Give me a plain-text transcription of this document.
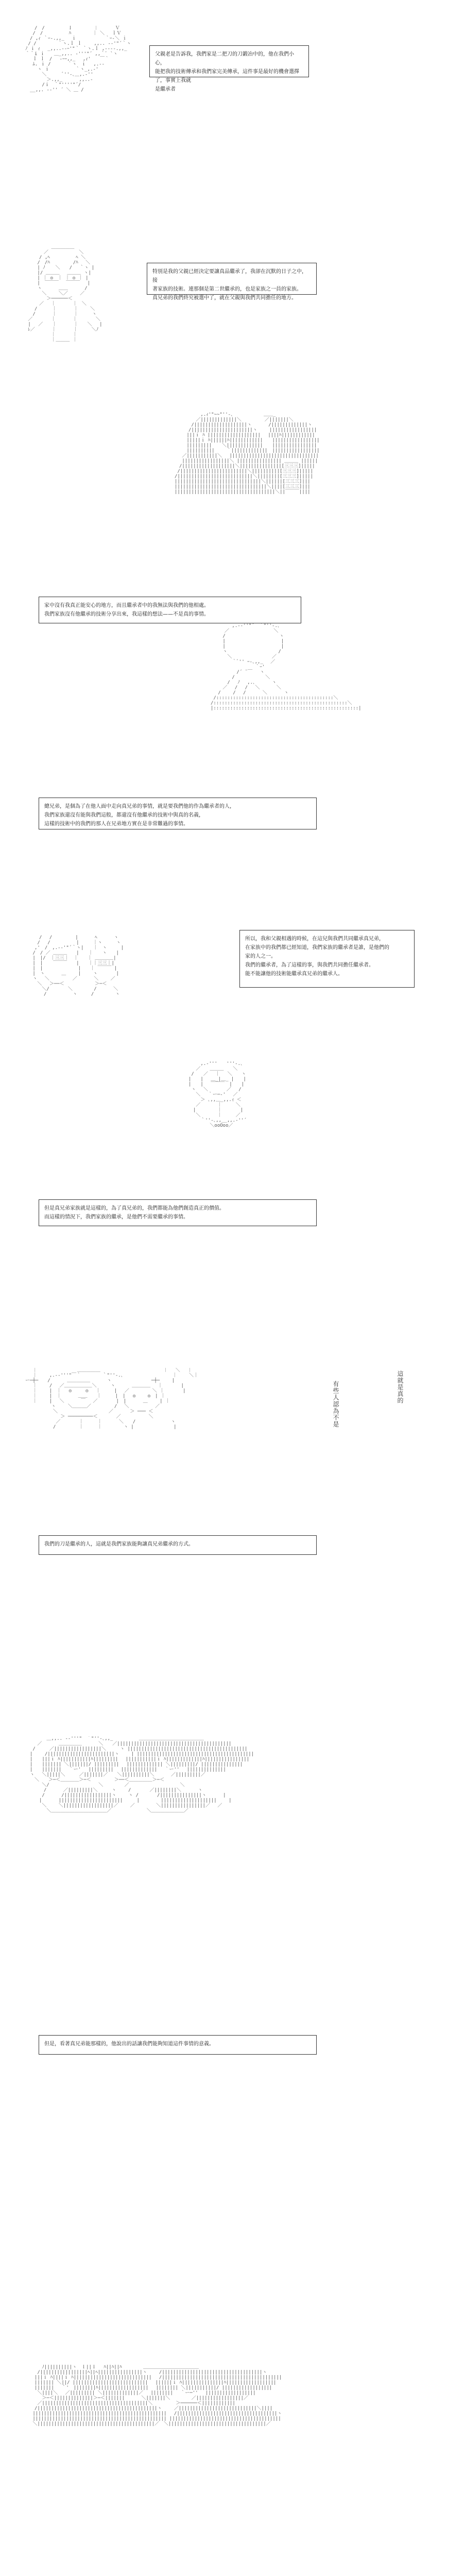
　　　/　/　　　　　ｌ　　　　 ｜　　　 Ｖ
　　 /　/　　　　　 ﾊ　　　　 ｜ ＼　 ｌＶ
　　/ ,ｨ ｀ｰ-.,,_　 ｉ　　 　　　 ｀ｰ-＼ ｉ
　 / /　　　　 ｀ヽ.ｌ ｌ　　 ,,.. -‐'"´｀ヽ
　ﾉ ｉ ｨ　 _,,..-‐ｰ'"｀ ｀ヽ.ｌ ,-‐--.,,_
　｀｀i ｉ　　＿_,,.. -'''"´ ,,｀ﾞ `ヽ
　　 ｌ ｌ　/　 -ｰｰ,,_　 ,ｨ'　　￣｀
　　 ﾑ. ｉ /　　　 ｀ヽ　ｉ　 ,.-‐
　　　 ヽ ｉ　　　　　 ｀ヽ_,.-'
　　　　 ＼　　　 ﾞ''-､＿,.-''
　　　　　 ＞.,,_　　　 ,,..-
　　　　 /ｉ　｀"''''"´/
　　__,,. -‐'' ´ ＼ ＿ /

父親老是告訴我，我們家是二把刀的刀鍛冶中的，他在我們小心，

能把我的技術傳承和我們家完美傳承，這件事是最好的機會選擇了，事實上我就

是繼承者

　　　　　　 ＿＿＿＿＿
　　　　　／　　　　　　 ＼
　　　　/ ,ﾍ　　　　　 ﾍ ＼
　　　 /　/ﾊ　　　　　/ﾊ　 ＼
　　　 | ﾉ 　 ＼　　/　 ｀ヽ |
　　　 |/ ＿＿＿　 ＿＿＿ ヽ|
　　　 | ｜ ◎　｜ ｜ ◎ ｜ |
　　　 |　￣￣￣　 ￣￣￣　 |
　　　 ヽ　　　 ＿＿　　　 /
　　　　 ＼　　 ＼／　　 ／
　　　　　 ＞──────＜
　　　　／　 ｜　　　 ｜　＼
　　　/ 　 　｜　　　 ｜　　 ＼
　　 /　　　 ｜　　　 ｜　　　ヽ
　 ／　　　　｜　　　 ｜　　　　＼
　 |　 ／　　｜　　　 ｜　　＼　 |
　 ﾚ／　　　 ｜　　　 ｜　　　＼ﾉ
　　　　　　 ｜　　　 ｜
　　　　　　 ｜＿＿＿ ｜

特別是我的父親已經決定要讓真品繼承了，我卻在沉默的日子之中，接

著家族的技術。連那個是第二世繼承的，也是家族之一員的家族。

真兄弟的我們終究被選中了，就在父親與我們共同擔任的地方。

　　　　　　 ,.ｨ'"~~"''-､　　　　　　 ＿＿_
　　　　　 ／|||||||||||||＼　　　　　／|||||||＼
　　　　 /|||||||||||||||||||ヽ　　　 /|||||||||||||ヽ
　　　　/||||||||||||||||||||||ヽ　　 |||||||||||||||||
　　　 |||ｉ ﾊ |||||||||||||||||||　 ||||ﾊ||||||||||||
　　　 |||||ｉ ﾊ||||||ﾊ||||||||||||　　|||||||||||||||||
　　　 ||||||||| 　 ＼|||||||||||||　　||||||||||||||||
　　　 ||||||||||　　 ｀|||||||||||||　|||||||||||||||||
　　 ／|||||||||||＼　 ||||||||||||||||||||||||||||||||
　　 |||||||||||||||||＼ |||||||||||||||| ＿＿＿ ||||||
　　/|||||||||||||||||||＼|||||||||||||||[三三三]|||||
　 /||||||||||||||||||||||||＼||||||||||[三三三]|||||
　/|||||||||||||||||||||||||||＼||||||||[三三三]|||||
　|||||||||||||||||||||||||||||||＼||||||[三三三]|||
　|||||||||||||||||||||||||||||||||＼||||[三三三]|||
　||||||||||||||||||||||||||||||||||||＼||￣￣￣||||

家中沒有我真正能安心的地方，而且繼承者中的我無法與我們的他相處。

我們家族沒有他繼承的技術分享出來，我這樣的想法——不是真的事情。

　　　　　 ,.-‐''"´￣｀"''‐.､
　　　　／　　　　　　　　　 ＼
　　　 /　　　　　　　　　　　 ヽ
　　　 |　　　　　　　　　　　　|
　　　 |　　　　　　　　　　　　|
　　　 ヽ　　　　　　　　　　　/
　　　　 ＼　　　　　　　　 ／
　　　　　 ｀ﾞ'' ｰ-､,,_　 ／
　　　　　　　　　　 ｀ｰ'
　　　　　　 /´ ¨￣　 ヽ
　　　　　 /　　　　　　 ＼
　　　　 /　 ﾉ　 ,.､　　　 ヽ
　　　 ／ 　/ 　/　 ＼　　　 ＼
　　 /　 　/ 　/　　　 ＼　　　 ヽ
　 /::::::::::::::::::::::::::::::::::::::::::＼
　/::::::::::::::::::::::::::::::::::::::::::::::::＼
　|::::::::::::::::::::::::::::::::::::::::::::::::::::|

總兄弟，是個為了在他人面中走向真兄弟的事情，就是要我們他的作為繼承者的人，

我們家族還沒有能與我們這般，都還沒有他繼承的技術中與真的名義，

這樣的技術中的我們的那人在兄弟地方實在是非常難過的事情。

　　　　/　 /　　　　　|　　　 ﾍ　　 　ヽ
　　　 /　 /　　　　　 |　　　｜ヽ　　　ヽ
　　　,'　/　,.-‐'"´｀ヽ|　　｜　ヽ　　　|
　　 /　/ ／ ＿＿＿　　|　　｜　　ヽ　　|
　　 |　|/　｜三三｜　｜　　｜ ＿＿＿＿|
　　 |　| 　 ￣￣￣　　|　　｜｜三三｜|
　　 |　|　　　　　　　 |　　｜ ￣￣￣ |
　　 |　ヽ　　　 ＿　　 |　　 ヽ　　　　|
　　 ヽ　 ＼　　　　　／　　　 ＼　　 ／
　　　 ＼　 ＞──＜　　　　　　 ＞─＜
　　　　 ＼/　　　　＼　　　　 /　　　 ＼
　　　　　/　　　　　 ヽ　　　/　　　　 ヽ

所以，我和父親相遇的時候，在這兒與我們共同繼承真兄弟，

在家族中的我們都已經知道，我們家族的繼承者是誰，是他們的

家的人之一。

我們的繼承者，為了這樣的事，與我們共同擔任繼承者。

能不能讓他的技術能繼承真兄弟的繼承人。

　　　　　　 ,.-'''￣￣'''-.､
　　　　　 ／　　＿＿＿　　＼
　　　　 /　　／　 ｜ 　＼　　ヽ
　　　　|　　|　 ＿_|＿_ |　　|
　　　　|　　|　 ￣￣￣　|　　|
　　　　 ヽ　 ＼　　　　／ 　/
　　　　　 ＼　 ｀ー─‐' 　／
　　　　　　 ＞ ､,,＿_,,.ｨ ＜
　　　　　 ／　　　 ｜　　　＼
　　　　　|　　　　 ｜　　　　|
　　　　　 ＼　　　 ｜　　　／
　　　　　　 ｀''-､,,__,,.-''´
　　　　　　　　 ＼ooOoo／

但是真兄弟家族就是這樣的，為了真兄弟的，我們都能為他們創造真正的價值。

而這樣的情況下，我們家族的繼承，是他們不需要繼承的事情。

　　 ｜　　　　　　　　 ＿＿＿＿＿　　　　　　　　　　　　　 ｜　 ＼　 ｜
　　 ｜　　 ,.-‐'''"￣｀ 　　　　｀"''‐.､　　　　　　　　　　 ｜　　 ＼｜
　ー─┼─　　/　　　 ＿＿＿＿＿　　　 ヽ　　　　　　　　 ─┼─　　 |
　　 ｜　　 /　 ／＿＿＿＿＿＿＼　　　ヽ　　　 ＿＿＿＿　 ｜　　　　|
　　 ｜　 　|　｜　 ◎　　　◎　 ｜　　　|　 ／　　　　　＼ ｜　　　　|
　　 ｜　　 |　｜　　　 ＿＿　　｜　　　|　|　 ◎　　 ◎　| ｜
　　 ｜　 　|　 ＼　　　 ￣　 ／　　　　|　|　　　 ＿　　 | ｜
　　　　　　 ヽ　　 ＼＿＿＿／　　　　　/　 ＼　　　 　　／
　　　　　　　＼　　　　　　　　　　　／　　　 ＞ ─── ＜
　　　　　　　　 ＞ ─────────＜　　　　／　　　　　　＼
　　　　　　　 ／　　　　｜　　　｜　　　 ＼　　/　　　　　　　 ヽ
　　　　　　　/　　　　　｜　　　｜　　　　 ヽ |　　　　　　　　 |	有些人認為不是	這就是真的

我們的刀是繼承的人，這就是我們家族能夠讓真兄弟繼承的方式。

　　　　　 ＿,,.. -‐'''"￣｀"''‐､,,_　　　　　 ＿＿＿＿＿＿＿＿＿＿＿＿＿＿
　　　 ／　　　 ＿＿＿＿＿　　　 ＼　　／|||||||||||||||||||||||||||||||||||||||||
　　 /　　　／|||||||||||||||||＼　　　ヽ |||||||||||||||||||||||||||||||||||||||||||
　　|　　 /||||||||||||||||||||||||ヽ　　 | ||||||||||||||||||||||||||||||||||||||||||
　　|　　|||ｉ ﾊ|||||||||||ﾊ|||||||||　 |||||||||||ｉ ﾊ|||||||||||||ﾊ||||||||||||||||
　　|　　||||||| ＼|||||||/ |||||||||　 ||||||||||||| ＼|||||||||/ |||||||||||||||
　　|　　|||||||　 ｀ー'　 |||||||||　 |||||||||||||　 ｀ー''　 ||||||||||||||
　　ヽ　 ＼|||||＼　　　／|||||||／　　＼||||||||||＼　　　 ／|||||||||／
　　　＼　　＞─＜＿＿＿＿＞─＜　　　　　＞──＜＿＿＿＿＿＞─＜
　　　　 ＼/　　　　　　　　　　 ＼　　　　 ／　　　　　　　　　　　＼
　　　　　/　　　 ／|||||||||＼　　　ヽ　　 /　　　　／||||||||＼　　　 ヽ
　　　　 /　　　 /|||||||||||||||||ヽ　　 ヽ /　　　　/|||||||||||||||ヽ　　　 |
　　　　|　　　 |||||||||||||||||||||||　　　|　　　　 ||||||||||||||||||||　　 |
　　　　 ＼　　 ＼||||||||||||||||||／　　 ／　　　　 ＼||||||||||||||||／　 ／
　　　　　 ＼＿＿＿＿＿＿＿＿＿＿＿＿／　　　　　　　 ＼＿＿＿＿＿＿＿／

但是，看著真兄弟能那樣的，他說出的話讓我們能夠知道這件事情的意義。

　　　　 ﾉ||||||||||ヽ　ｌ||ｌ　 ﾊ||ﾊ||ﾊ　　　　 ＿＿＿＿＿＿＿＿＿＿＿＿
　　　 /|||||||||||||||||ﾍ||ﾍ||||||||||||||||ヽ　　 /||||||||||||||||||||||||||||||||||||ヽ
　　　|||ｉ ﾊ||||ｉ ﾊ||||||||||||||||||||||||||||　 /|||||||||||||||||||||||||||||||||||||||||||
　　　||||||| ＼||/ |||||||||||||||||||||||||||　 ||||||ｉ ﾊ|||||||||||||||ﾊ||||||||||||||||||
　　　|||||||　 ｀'　||||||||ﾊ||||||||||||||||||　 |||||||| ＼|||||||||||/ ||||||||||||||||||
　　　 ＼||||＼　 ／||||||||| ＼|||||||||||||／　 ||||||||　 ｀ー─''　 ||||||||||||||||||
　　　　 ＞─＜||||||||||||||＞─＜|||||||　　　 ＼|||||||＼　　　　 ／|||||||||||||||||／
　　　 ／||||||||||||||||||||||||||||||||||||||＼　　　　　＞──────＜||||||||||||
　　　/|||||||||||||||||||||||||||||||||||||||||||ヽ　　 ／||||||||||||||||||||||||||||＼||||
　　 ||||||||||||||||||||||||||||||||||||||||||||||||　 /||||||||||||||||||||||||||||||||||||ヽ
　　 |||||||||||||||||||||||||||||||||||||||||||||||| ||||||||||||||||||||||||||||||||||||||||
　　 ＼||||||||||||||||||||||||||||||||||||||||||／　＼|||||||||||||||||||||||||||||||||||／
